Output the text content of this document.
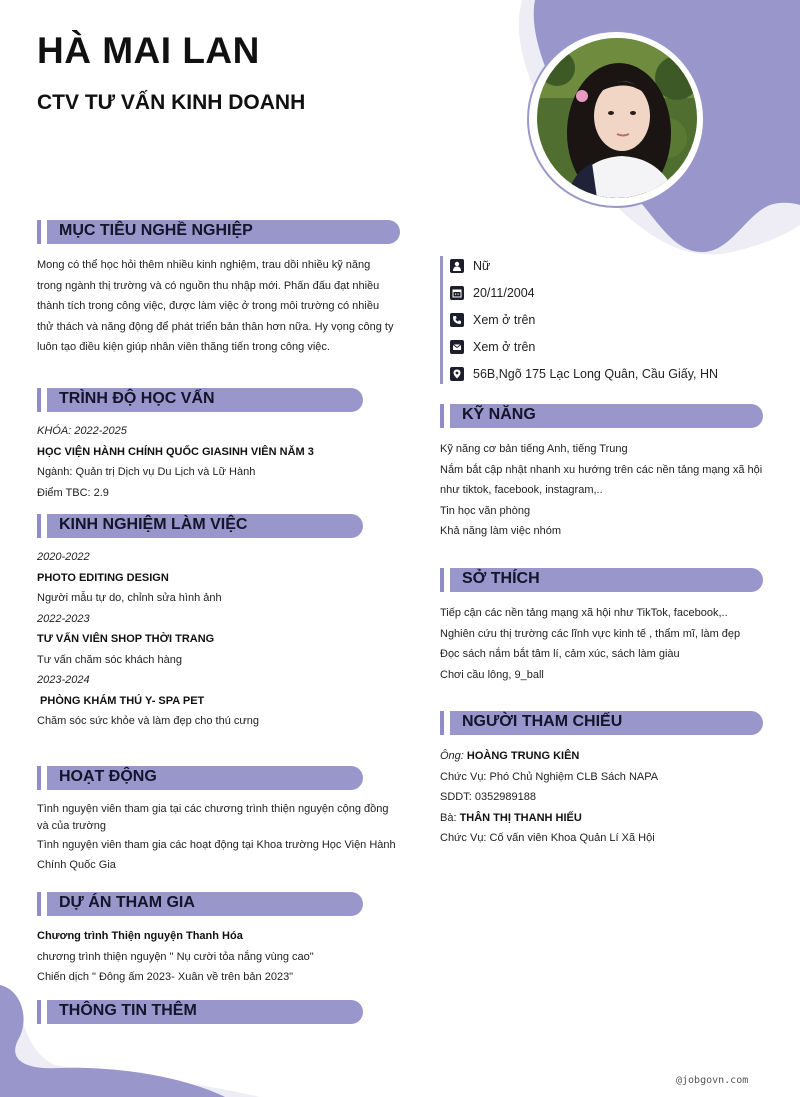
HÀ MAI LAN
CTV TƯ VẤN KINH DOANH
MỤC TIÊU NGHỀ NGHIỆP
Mong có thể học hỏi thêm nhiều kinh nghiệm, trau dồi nhiều kỹ năng
trong ngành thị trường và có nguồn thu nhập mới. Phấn đấu đạt nhiều
thành tích trong công việc, được làm việc ở trong môi trường có nhiều
thử thách và năng động để phát triển bản thân hơn nữa. Hy vọng công ty
luôn tạo điều kiện giúp nhân viên thăng tiến trong công việc.
TRÌNH ĐỘ HỌC VẤN
KHÓA: 2022-2025
HỌC VIỆN HÀNH CHÍNH QUỐC GIASINH VIÊN NĂM 3
Ngành: Quản trị Dịch vụ Du Lịch và Lữ Hành
Điểm TBC: 2.9
KINH NGHIỆM LÀM VIỆC
2020-2022
PHOTO EDITING DESIGN
Người mẫu tự do, chỉnh sửa hình ảnh
2022-2023
TƯ VẤN VIÊN SHOP THỜI TRANG
Tư vấn chăm sóc khách hàng
2023-2024
PHÒNG KHÁM THÚ Y- SPA PET
Chăm sóc sức khỏe và làm đẹp cho thú cưng
HOẠT ĐỘNG
Tình nguyện viên tham gia tại các chương trình thiện nguyện cộng đồng
và của trường
Tình nguyện viên tham gia các hoạt động tại Khoa trường Học Viện Hành
Chính Quốc Gia
DỰ ÁN THAM GIA
Chương trình Thiện nguyện Thanh Hóa
chương trình thiện nguyện " Nụ cười tỏa nắng vùng cao"
Chiến dịch " Đông ấm 2023- Xuân về trên bản 2023"
THÔNG TIN THÊM
Nữ
20/11/2004
Xem ở trên
Xem ở trên
56B,Ngõ 175 Lạc Long Quân, Cầu Giấy, HN
KỸ NĂNG
Kỹ năng cơ bản tiếng Anh, tiếng Trung
Nắm bắt cập nhật nhanh xu hướng trên các nền tảng mạng xã hội
như tiktok, facebook, instagram,..
Tin học văn phòng
Khả năng làm việc nhóm
SỞ THÍCH
Tiếp cận các nền tảng mạng xã hội như TikTok, facebook,..
Nghiên cứu thị trường các lĩnh vực kinh tế , thẩm mĩ, làm đẹp
Đọc sách nắm bắt tâm lí, cảm xúc, sách làm giàu
Chơi cầu lông, 9_ball
NGƯỜI THAM CHIẾU
Ông: HOÀNG TRUNG KIÊN
Chức Vụ: Phó Chủ Nghiệm CLB Sách NAPA
SDDT: 0352989188
Bà: THÂN THỊ THANH HIẾU
Chức Vụ: Cố vấn viên Khoa Quản Lí Xã Hội
@jobgovn.com
